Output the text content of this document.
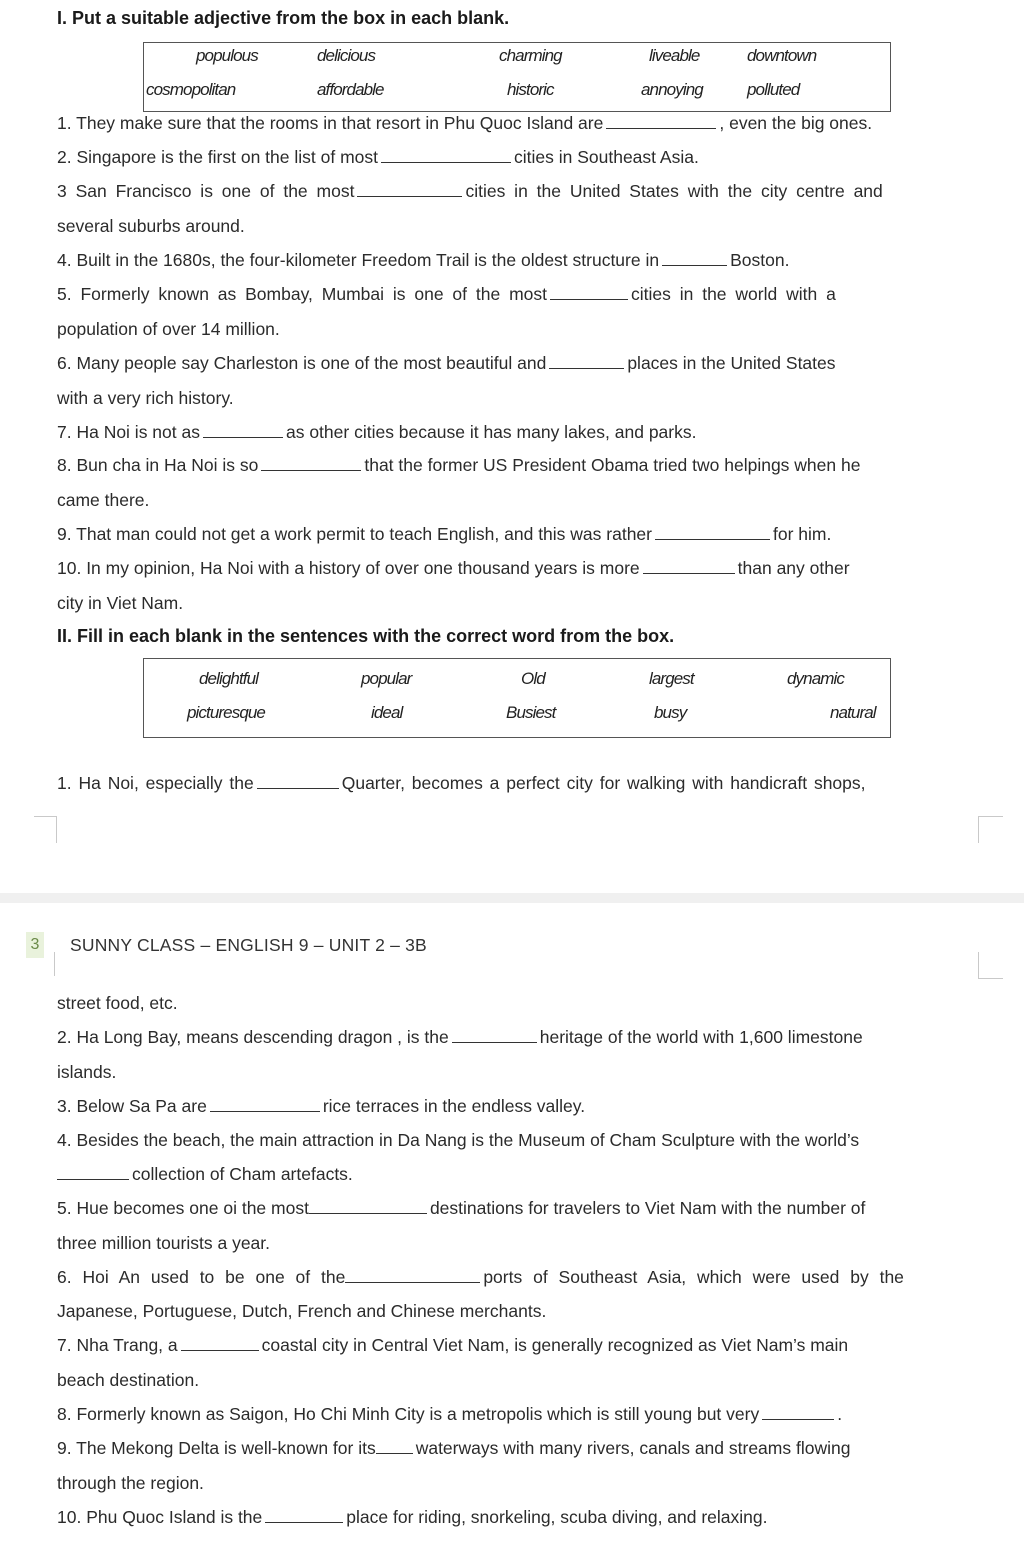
I. Put a suitable adjective from the box in each blank.
populous	delicious	charming	liveable	downtown
cosmopolitan	affordable	historic	annoying	polluted
1. They make sure that the rooms in that resort in Phu Quoc Island are	, even the big ones.
2. Singapore is the first on the list of most	cities in Southeast Asia.
3 San Francisco is one of the most	cities in the United States with the city centre and
several suburbs around.
4. Built in the 1680s, the four-kilometer Freedom Trail is the oldest structure in	Boston.
5. Formerly known as Bombay, Mumbai is one of the most	cities in the world with a
population of over 14 million.
6. Many people say Charleston is one of the most beautiful and	places in the United States
with a very rich history.
7. Ha Noi is not as	as other cities because it has many lakes, and parks.
8. Bun cha in Ha Noi is so	that the former US President Obama tried two helpings when he
came there.
9. That man could not get a work permit to teach English, and this was rather	for him.
10. In my opinion, Ha Noi with a history of over one thousand years is more	than any other
city in Viet Nam.
II. Fill in each blank in the sentences with the correct word from the box.
delightful	popular	Old	largest	dynamic
picturesque	ideal	Busiest	busy	natural
1. Ha Noi, especially the	Quarter, becomes a perfect city for walking with handicraft shops,
3 SUNNY CLASS – ENGLISH 9 – UNIT 2 – 3B
street food, etc.
2. Ha Long Bay, means descending dragon , is the	heritage of the world with 1,600 limestone
islands.
3. Below Sa Pa are	rice terraces in the endless valley.
4. Besides the beach, the main attraction in Da Nang is the Museum of Cham Sculpture with the world’s
collection of Cham artefacts.
5. Hue becomes one oi the most	destinations for travelers to Viet Nam with the number of
three million tourists a year.
6. Hoi An used to be one of the	ports of Southeast Asia, which were used by the
Japanese, Portuguese, Dutch, French and Chinese merchants.
7. Nha Trang, a	coastal city in Central Viet Nam, is generally recognized as Viet Nam’s main
beach destination.
8. Formerly known as Saigon, Ho Chi Minh City is a metropolis which is still young but very	.
9. The Mekong Delta is well-known for its waterways with many rivers, canals and streams flowing
through the region.
10. Phu Quoc Island is the	place for riding, snorkeling, scuba diving, and relaxing.
